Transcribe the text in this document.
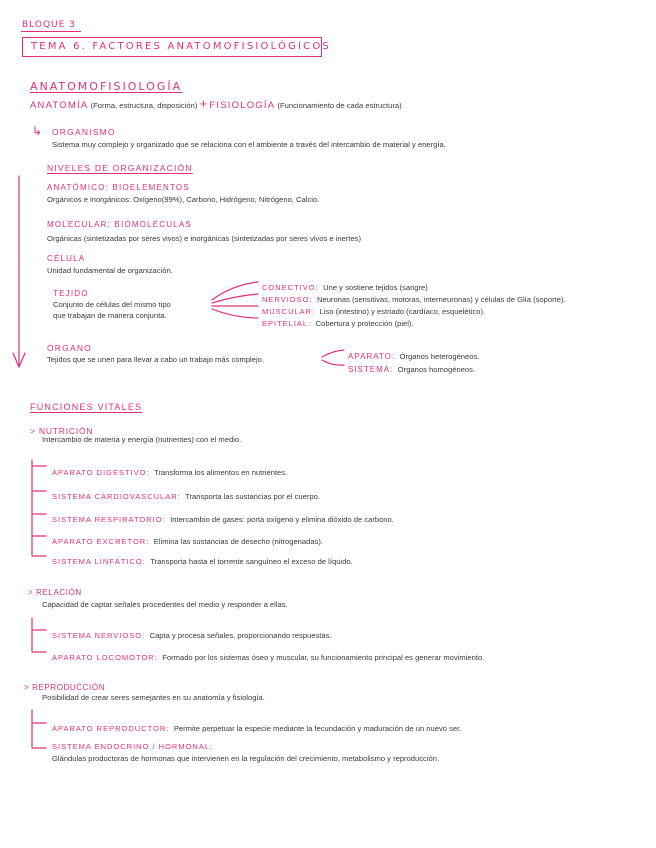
BLOQUE 3
TEMA 6. FACTORES ANATOMOFISIOLÓGICOS
ANATOMOFISIOLOGÍA
ANATOMÍA (Forma, estructura, disposición) + FISIOLOGÍA (Funcionamiento de cada estructura)
↳ ORGANISMO
Sistema muy complejo y organizado que se relaciona con el ambiente a través del intercambio de material y energía.
NIVELES DE ORGANIZACIÓN
ANATÓMICO: BIOELEMENTOS
Orgánicos e inorgánicos: Oxígeno(99%), Carbono, Hidrógeno, Nitrógeno, Calcio.
MOLECULAR: BIOMOLÉCULAS
Orgánicas (sintetizadas por seres vivos) e inorgánicas (sintetizadas por seres vivos e inertes)
CÉLULA
Unidad fundamental de organización.
TEJIDO
Conjunto de células del mismo tipo
que trabajan de manera conjunta.
CONECTIVO: Une y sostiene tejidos (sangre)
NERVIOSO: Neuronas (sensitivas, motoras, interneuronas) y células de Glía (soporte).
MUSCULAR: Liso (intestino) y estriado (cardíaco, esquelético).
EPITELIAL: Cobertura y protección (piel).
ÓRGANO
Tejidos que se unen para llevar a cabo un trabajo más complejo.	APARATO: Órganos heterogéneos.
SISTEMA: Órganos homogéneos.
FUNCIONES VITALES
> NUTRICIÓN
Intercambio de materia y energía (nutrientes) con el medio.
APARATO DIGESTIVO: Transforma los alimentos en nutrientes.
SISTEMA CARDIOVASCULAR: Transporta las sustancias por el cuerpo.
SISTEMA RESPIRATORIO: Intercambio de gases: porta oxígeno y elimina dióxido de carbono.
APARATO EXCRETOR: Elimina las sustancias de desecho (nitrogenadas).
SISTEMA LINFÁTICO: Transporta hasta el torrente sanguíneo el exceso de líquido.
> RELACIÓN
Capacidad de captar señales procedentes del medio y responder a ellas.
SISTEMA NERVIOSO: Capta y procesa señales, proporcionando respuestas.
APARATO LOCOMOTOR: Formado por los sistemas óseo y muscular, su funcionamiento principal es generar movimiento.
> REPRODUCCIÓN
Posibilidad de crear seres semejantes en su anatomía y fisiología.
APARATO REPRODUCTOR: Permite perpetuar la especie mediante la fecundación y maduración de un nuevo ser.
SISTEMA ENDOCRINO / HORMONAL:
Glándulas productoras de hormonas que intervienen en la regulación del crecimiento, metabolismo y reproducción.
